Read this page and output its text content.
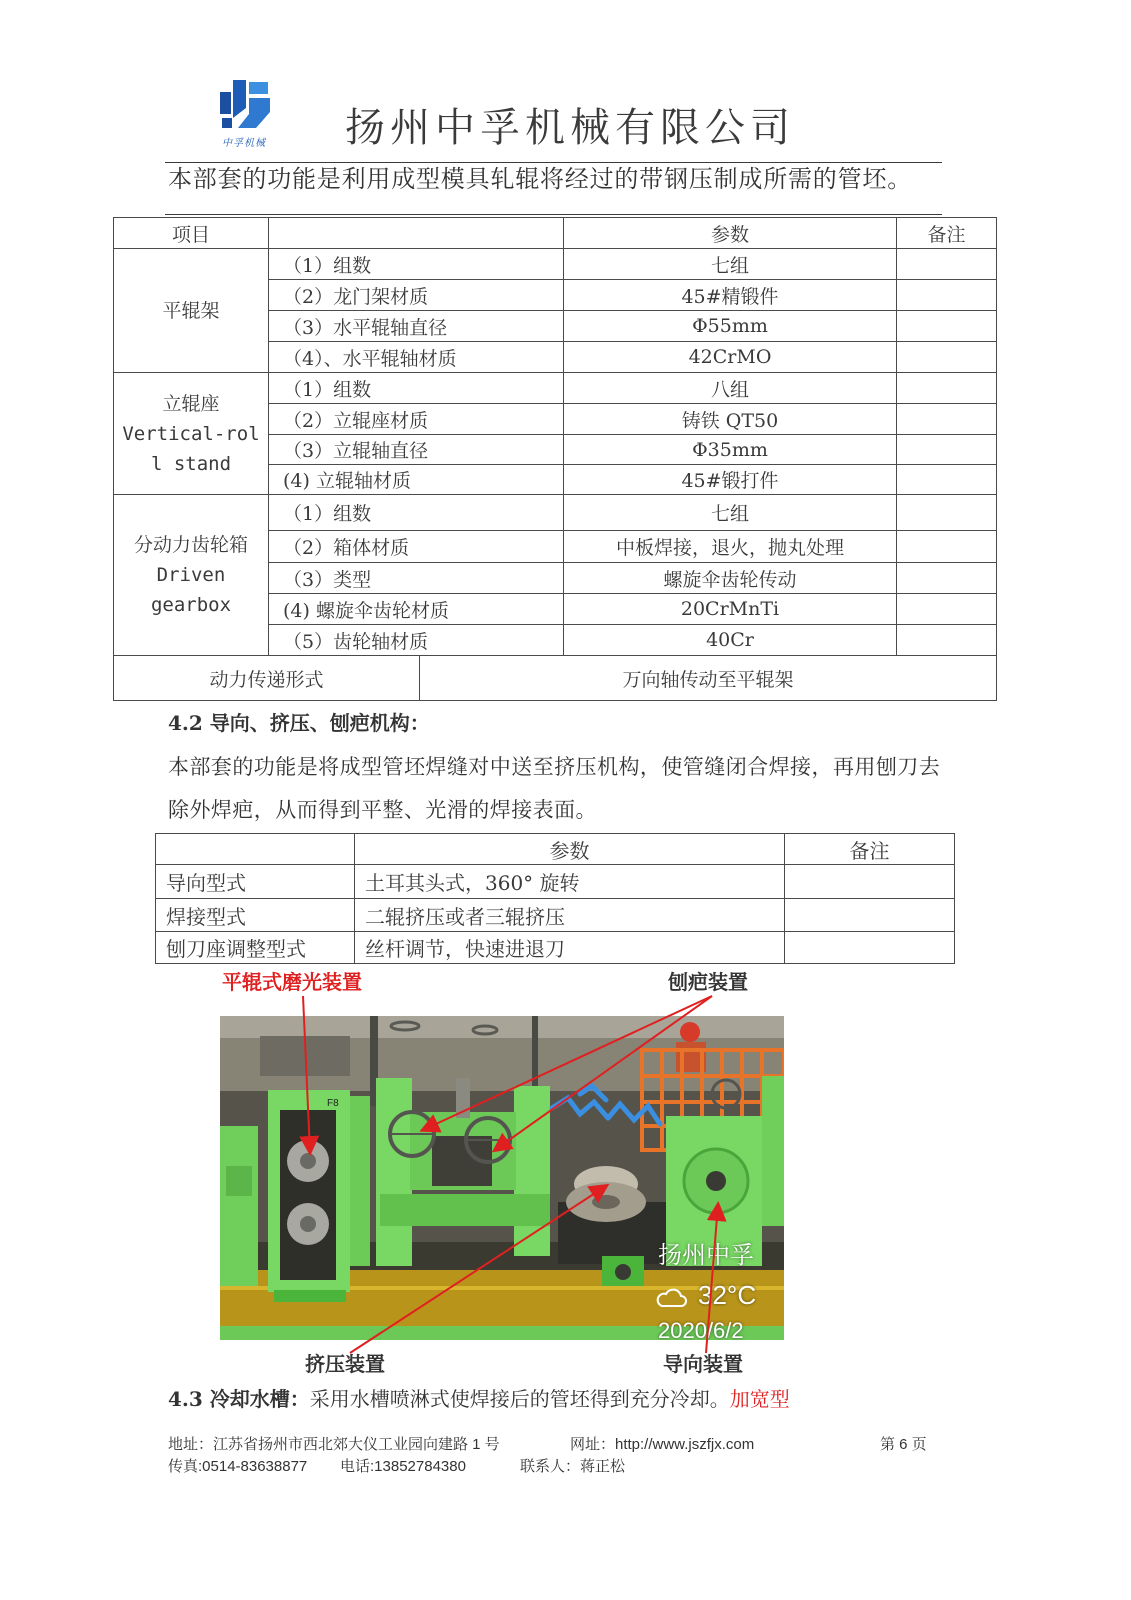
中孚机械 扬州中孚机械有限公司
本部套的功能是利用成型模具轧辊将经过的带钢压制成所需的管坯。
项目			参数	备注

平辊架	（1）组数		七组	
	（2）龙门架材质		45#精锻件	
	（3）水平辊轴直径		Φ55mm	
	（4）、水平辊轴材质		42CrMO	

立辊座
Vertical-rol
l stand	（1）组数		八组	
	（2）立辊座材质		铸铁 QT50	
	（3）立辊轴直径		Φ35mm	
	(4) 立辊轴材质		45#锻打件	

分动力齿轮箱
Driven
gearbox	（1）组数		七组	
	（2）箱体材质		中板焊接，退火，抛丸处理	
	（3）类型		螺旋伞齿轮传动	
	(4) 螺旋伞齿轮材质		20CrMnTi	
	（5）齿轮轴材质		40Cr	
动力传递形式		万向轴传动至平辊架		
4.2 导向、挤压、刨疤机构：
本部套的功能是将成型管坯焊缝对中送至挤压机构，使管缝闭合焊接，再用刨刀去除外焊疤，从而得到平整、光滑的焊接表面。
	参数	备注
导向型式	土耳其头式，360° 旋转	
焊接型式	二辊挤压或者三辊挤压	
刨刀座调整型式	丝杆调节，快速进退刀	
平辊式磨光装置	刨疤装置
F8
扬州中孚
32°C
2020/6/2
挤压装置	导向装置
4.3 冷却水槽：采用水槽喷淋式使焊接后的管坯得到充分冷却。加宽型
地址：江苏省扬州市西北郊大仪工业园向建路 1 号	网址：http://www.jszfjx.com	第 6 页
传真:0514-83638877 电话:13852784380	联系人：蒋正松
